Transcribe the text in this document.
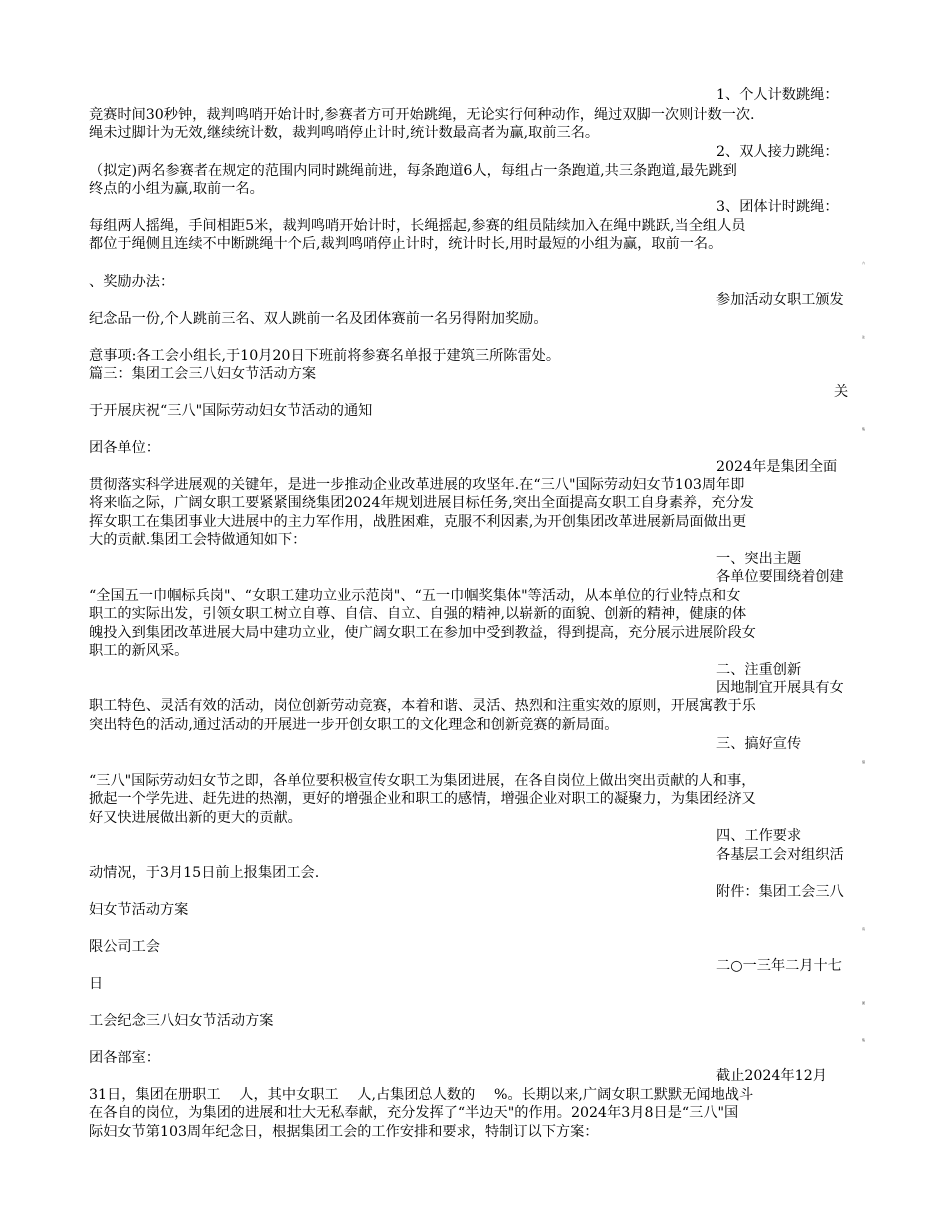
1、个人计数跳绳：

竞赛时间30秒钟，裁判鸣哨开始计时,参赛者方可开始跳绳，无论实行何种动作，绳过双脚一次则计数一次.

绳未过脚计为无效,继续统计数，裁判鸣哨停止计时,统计数最高者为赢,取前三名。

2、双人接力跳绳：

（拟定)两名参赛者在规定的范围内同时跳绳前进，每条跑道6人，每组占一条跑道,共三条跑道,最先跳到

终点的小组为赢,取前一名。

3、团体计时跳绳：

每组两人摇绳，手间相距5米，裁判鸣哨开始计时，长绳摇起,参赛的组员陆续加入在绳中跳跃,当全组人员

都位于绳侧且连续不中断跳绳十个后,裁判鸣哨停止计时，统计时长,用时最短的小组为赢，取前一名。

六

、奖励办法：

参加活动女职工颁发

纪念品一份,个人跳前三名、双人跳前一名及团体赛前一名另得附加奖励。

注

意事项:各工会小组长,于10月20日下班前将参赛名单报于建筑三所陈雷处。

篇三：集团工会三八妇女节活动方案

关

于开展庆祝“三八"国际劳动妇女节活动的通知

集

团各单位：

2024年是集团全面

贯彻落实科学进展观的关键年，是进一步推动企业改革进展的攻坚年.在“三八"国际劳动妇女节103周年即

将来临之际，广阔女职工要紧紧围绕集团2024年规划进展目标任务,突出全面提高女职工自身素养，充分发

挥女职工在集团事业大进展中的主力军作用，战胜困难，克服不利因素,为开创集团改革进展新局面做出更

大的贡献.集团工会特做通知如下：

一、突出主题

各单位要围绕着创建

“全国五一巾帼标兵岗"、“女职工建功立业示范岗"、“五一巾帼奖集体"等活动，从本单位的行业特点和女

职工的实际出发，引领女职工树立自尊、自信、自立、自强的精神,以崭新的面貌、创新的精神，健康的体

魄投入到集团改革进展大局中建功立业，使广阔女职工在参加中受到教益，得到提高，充分展示进展阶段女

职工的新风采。

二、注重创新

因地制宜开展具有女

职工特色、灵活有效的活动，岗位创新劳动竞赛，本着和谐、灵活、热烈和注重实效的原则，开展寓教于乐

突出特色的活动,通过活动的开展进一步开创女职工的文化理念和创新竞赛的新局面。

三、搞好宣传

借

“三八"国际劳动妇女节之即，各单位要积极宣传女职工为集团进展，在各自岗位上做出突出贡献的人和事，

掀起一个学先进、赶先进的热潮，更好的增强企业和职工的感情，增强企业对职工的凝聚力，为集团经济又

好又快进展做出新的更大的贡献。

四、工作要求

各基层工会对组织活

动情况，于3月15日前上报集团工会.

附件：集团工会三八

妇女节活动方案

有

限公司工会

二○一三年二月十七

日

团

工会纪念三八妇女节活动方案

集

团各部室：

截止2024年12月

31日，集团在册职工　 人，其中女职工　 人,占集团总人数的　 %。长期以来,广阔女职工默默无闻地战斗

在各自的岗位，为集团的进展和壮大无私奉献，充分发挥了“半边天"的作用。2024年3月8日是“三八"国

际妇女节第103周年纪念日，根据集团工会的工作安排和要求，特制订以下方案：
